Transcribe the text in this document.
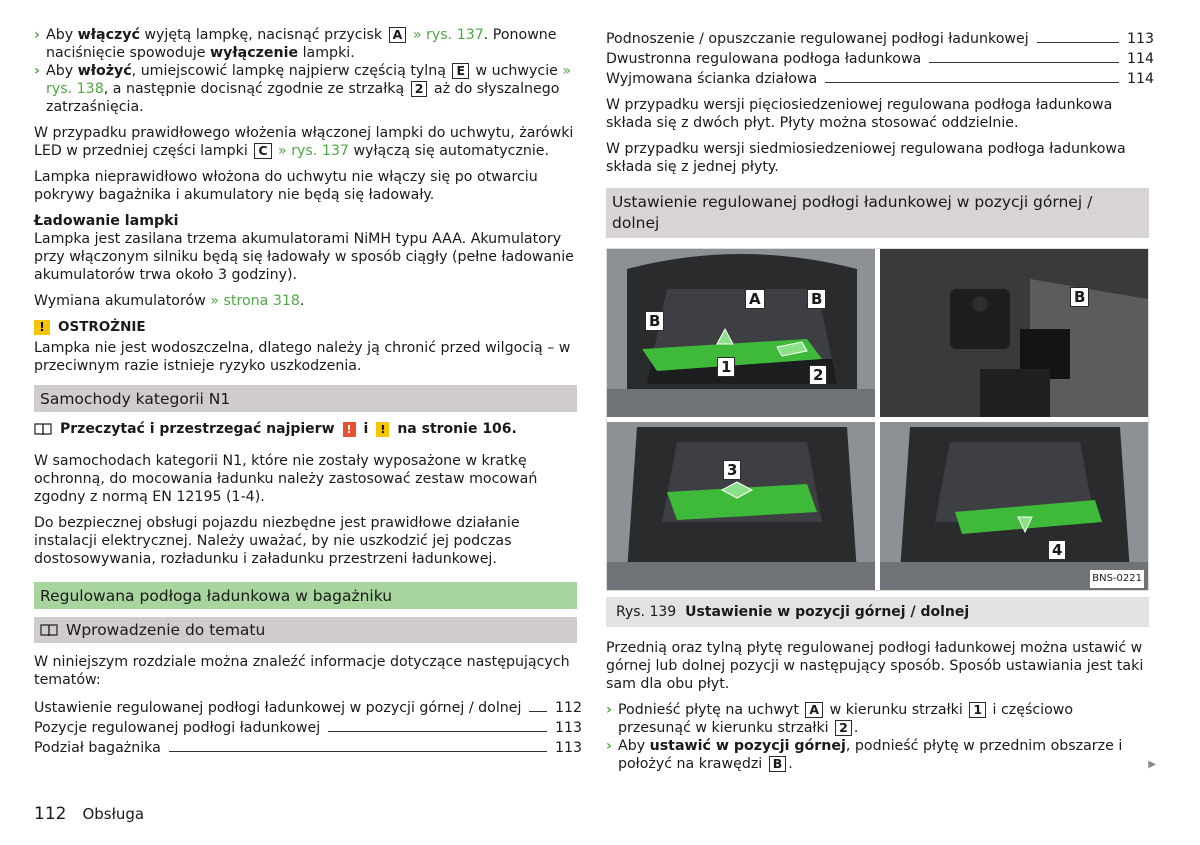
› Aby włączyć wyjętą lampkę, nacisnąć przycisk A » rys. 137. Ponowne naciśnięcie spowoduje wyłączenie lampki.

› Aby włożyć, umiejscowić lampkę najpierw częścią tylną E w uchwycie » rys. 138, a następnie docisnąć zgodnie ze strzałką 2 aż do słyszalnego zatrzaśnięcia.

W przypadku prawidłowego włożenia włączonej lampki do uchwytu, żarówki LED w przedniej części lampki C » rys. 137 wyłączą się automatycznie.

Lampka nieprawidłowo włożona do uchwytu nie włączy się po otwarciu pokrywy bagażnika i akumulatory nie będą się ładowały.

Ładowanie lampki

Lampka jest zasilana trzema akumulatorami NiMH typu AAA. Akumulatory przy włączonym silniku będą się ładowały w sposób ciągły (pełne ładowanie akumulatorów trwa około 3 godziny).

Wymiana akumulatorów » strona 318.

! OSTROŻNIE

Lampka nie jest wodoszczelna, dlatego należy ją chronić przed wilgocią – w przeciwnym razie istnieje ryzyko uszkodzenia.

Samochody kategorii N1
Przeczytać i przestrzegać najpierw	! i	! na stronie 106.

W samochodach kategorii N1, które nie zostały wyposażone w kratkę ochronną, do mocowania ładunku należy zastosować zestaw mocowań zgodny z normą EN 12195 (1-4).

Do bezpiecznej obsługi pojazdu niezbędne jest prawidłowe działanie instalacji elektrycznej. Należy uważać, by nie uszkodzić jej podczas dostosowywania, rozładunku i załadunku przestrzeni ładunkowej.

Regulowana podłoga ładunkowa w bagażniku
Wprowadzenie do tematu

W niniejszym rozdziale można znaleźć informacje dotyczące następujących tematów:

Ustawienie regulowanej podłogi ładunkowej w pozycji górnej / dolnej 112
Pozycje regulowanej podłogi ładunkowej	113
Podział bagażnika	113
Podnoszenie / opuszczanie regulowanej podłogi ładunkowej	113
Dwustronna regulowana podłoga ładunkowa	114
Wyjmowana ścianka działowa	114

W przypadku wersji pięciosiedzeniowej regulowana podłoga ładunkowa składa się z dwóch płyt. Płyty można stosować oddzielnie.

W przypadku wersji siedmiosiedzeniowej regulowana podłoga ładunkowa składa się z jednej płyty.

Ustawienie regulowanej podłogi ładunkowej w pozycji górnej / dolnej
B
A	B
1	2
B
3
4
BNS-0221
Rys. 139 Ustawienie w pozycji górnej / dolnej

Przednią oraz tylną płytę regulowanej podłogi ładunkowej można ustawić w górnej lub dolnej pozycji w następujący sposób. Sposób ustawiania jest taki sam dla obu płyt.

› Podnieść płytę na uchwyt A w kierunku strzałki 1 i częściowo przesunąć w kierunku strzałki 2 .

› Aby ustawić w pozycji górnej, podnieść płytę w przednim obszarze i położyć na krawędzi B .	▶
112 Obsługa
